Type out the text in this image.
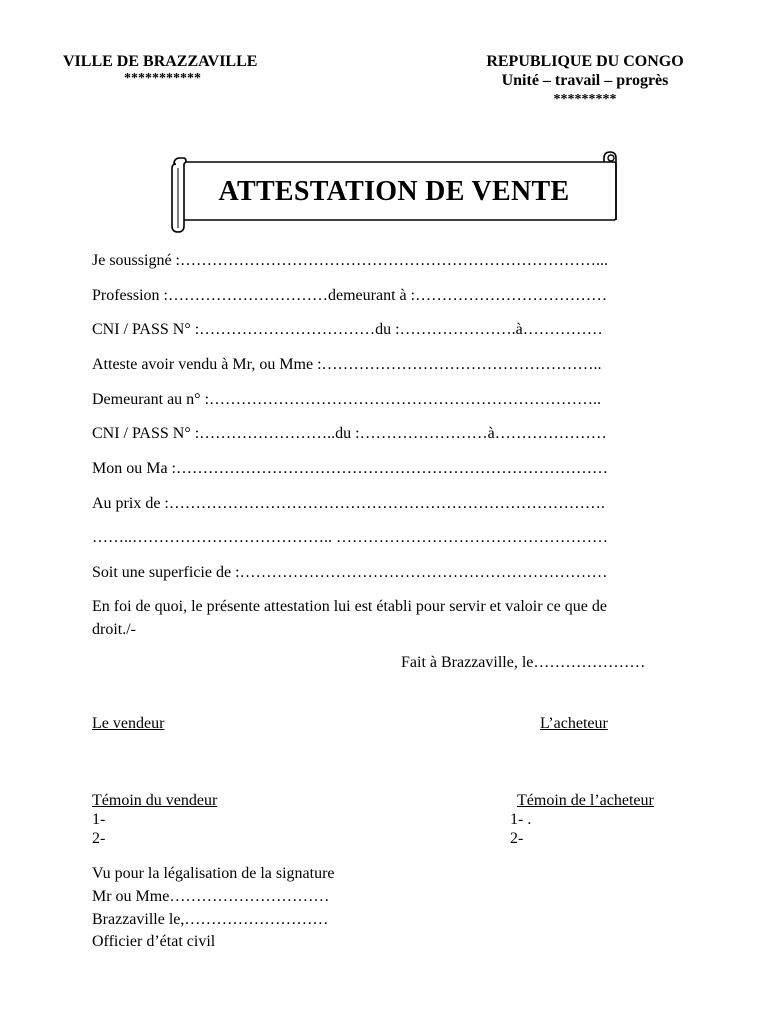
VILLE DE BRAZZAVILLE
***********
REPUBLIQUE DU CONGO
Unité – travail – progrès
*********
ATTESTATION DE VENTE
Je soussigné :……………………………………………………………………...
Profession :…………………………demeurant à :………………………………
CNI / PASS N° :……………………………du :………………….à……………
Atteste avoir vendu à Mr, ou Mme :……………………………………………..
Demeurant au n° :………………………………………………………………..
CNI / PASS N° :……………………..du :……………………à…………………
Mon ou Ma :………………………………………………………………………
Au prix de :……………………………………………………………………….
……..……………………………….. ……………………………………………
Soit une superficie de :……………………………………………………………
En foi de quoi, le présente attestation lui est établi pour servir et valoir ce que de
droit./-
Fait à Brazzaville, le…………………
Le vendeur	L’acheteur
Témoin du vendeur
1-
2-
Témoin de l’acheteur
1- .
2-
Vu pour la légalisation de la signature
Mr ou Mme…………………………
Brazzaville le,………………………
Officier d’état civil
